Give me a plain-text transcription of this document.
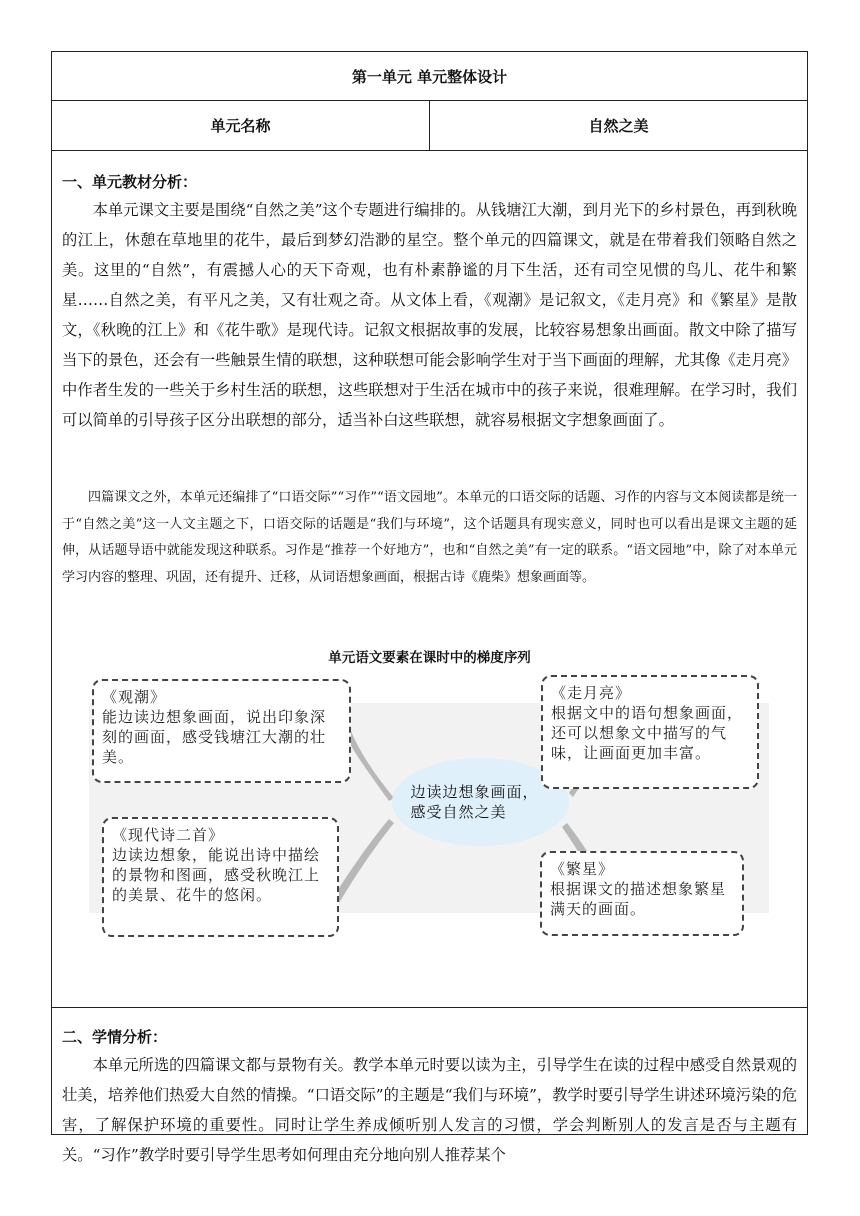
第一单元 单元整体设计
单元名称	自然之美
一、单元教材分析：

本单元课文主要是围绕“自然之美”这个专题进行编排的。从钱塘江大潮，到月光下的乡村景色，再到秋晚的江上，休憩在草地里的花牛，最后到梦幻浩渺的星空。整个单元的四篇课文，就是在带着我们领略自然之美。这里的“自然”，有震撼人心的天下奇观，也有朴素静谧的月下生活，还有司空见惯的鸟儿、花牛和繁星……自然之美，有平凡之美，又有壮观之奇。从文体上看，《观潮》是记叙文，《走月亮》和《繁星》是散文，《秋晚的江上》和《花牛歌》是现代诗。记叙文根据故事的发展，比较容易想象出画面。散文中除了描写当下的景色，还会有一些触景生情的联想，这种联想可能会影响学生对于当下画面的理解，尤其像《走月亮》中作者生发的一些关于乡村生活的联想，这些联想对于生活在城市中的孩子来说，很难理解。在学习时，我们可以简单的引导孩子区分出联想的部分，适当补白这些联想，就容易根据文字想象画面了。

四篇课文之外，本单元还编排了“口语交际”“习作”“语文园地”。本单元的口语交际的话题、习作的内容与文本阅读都是统一于“自然之美”这一人文主题之下，口语交际的话题是“我们与环境”，这个话题具有现实意义，同时也可以看出是课文主题的延伸，从话题导语中就能发现这种联系。习作是“推荐一个好地方”，也和“自然之美”有一定的联系。“语文园地”中，除了对本单元学习内容的整理、巩固，还有提升、迁移，从词语想象画面，根据古诗《鹿柴》想象画面等。

单元语文要素在课时中的梯度序列
边读边想象画面，感受自然之美
《观潮》
能边读边想象画面，说出印象深刻的画面，感受钱塘江大潮的壮美。
《走月亮》
根据文中的语句想象画面，还可以想象文中描写的气味，让画面更加丰富。
《现代诗二首》
边读边想象，能说出诗中描绘的景物和图画，感受秋晚江上的美景、花牛的悠闲。
《繁星》
根据课文的描述想象繁星满天的画面。
二、学情分析：

本单元所选的四篇课文都与景物有关。教学本单元时要以读为主，引导学生在读的过程中感受自然景观的壮美，培养他们热爱大自然的情操。“口语交际”的主题是“我们与环境”，教学时要引导学生讲述环境污染的危害，了解保护环境的重要性。同时让学生养成倾听别人发言的习惯，学会判断别人的发言是否与主题有关。“习作”教学时要引导学生思考如何理由充分地向别人推荐某个
